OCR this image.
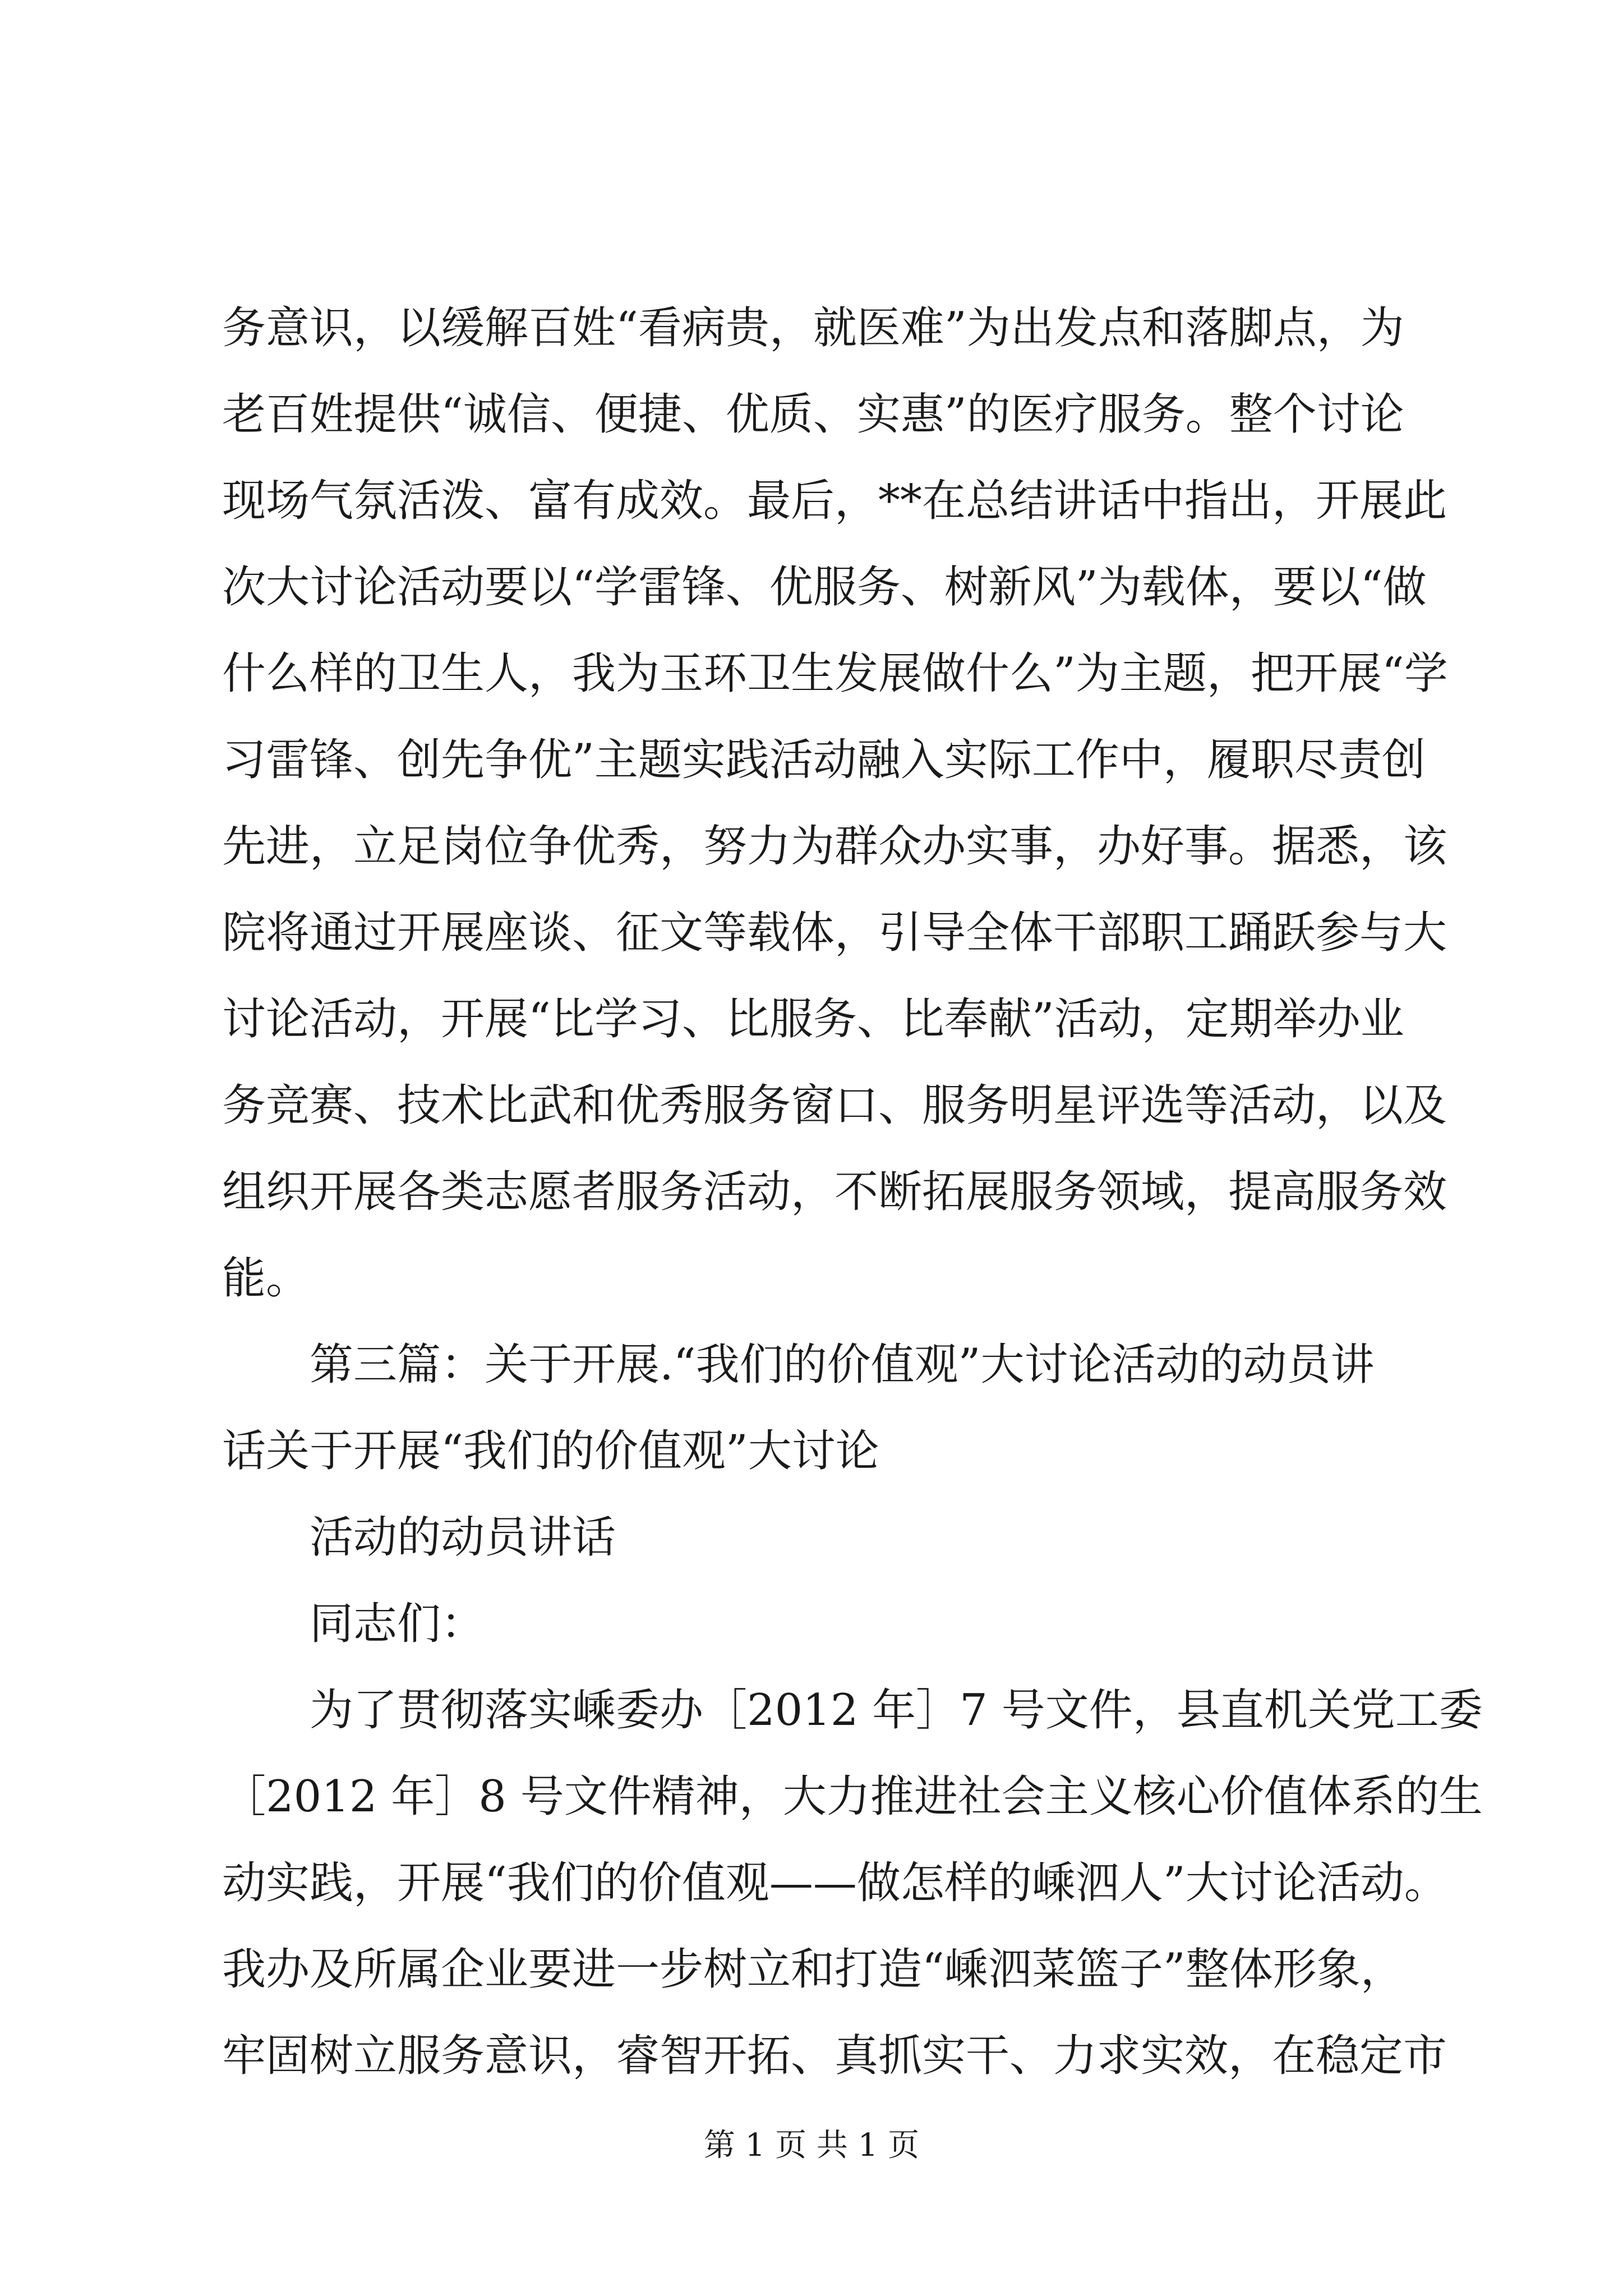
务意识，以缓解百姓“看病贵，就医难”为出发点和落脚点，为
老百姓提供“诚信、便捷、优质、实惠”的医疗服务。整个讨论
现场气氛活泼、富有成效。最后，**在总结讲话中指出，开展此
次大讨论活动要以“学雷锋、优服务、树新风”为载体，要以“做
什么样的卫生人，我为玉环卫生发展做什么”为主题，把开展“学
习雷锋、创先争优”主题实践活动融入实际工作中，履职尽责创
先进，立足岗位争优秀，努力为群众办实事，办好事。据悉，该
院将通过开展座谈、征文等载体，引导全体干部职工踊跃参与大
讨论活动，开展“比学习、比服务、比奉献”活动，定期举办业
务竞赛、技术比武和优秀服务窗口、服务明星评选等活动，以及
组织开展各类志愿者服务活动，不断拓展服务领域，提高服务效
能。
第三篇：关于开展.“我们的价值观”大讨论活动的动员讲
话关于开展“我们的价值观”大讨论
活动的动员讲话
同志们：
为了贯彻落实嵊委办［2012 年］7 号文件，县直机关党工委
［2012 年］8 号文件精神，大力推进社会主义核心价值体系的生
动实践，开展“我们的价值观——做怎样的嵊泗人”大讨论活动。
我办及所属企业要进一步树立和打造“嵊泗菜篮子”整体形象，
牢固树立服务意识，睿智开拓、真抓实干、力求实效，在稳定市
第 1 页 共 1 页
